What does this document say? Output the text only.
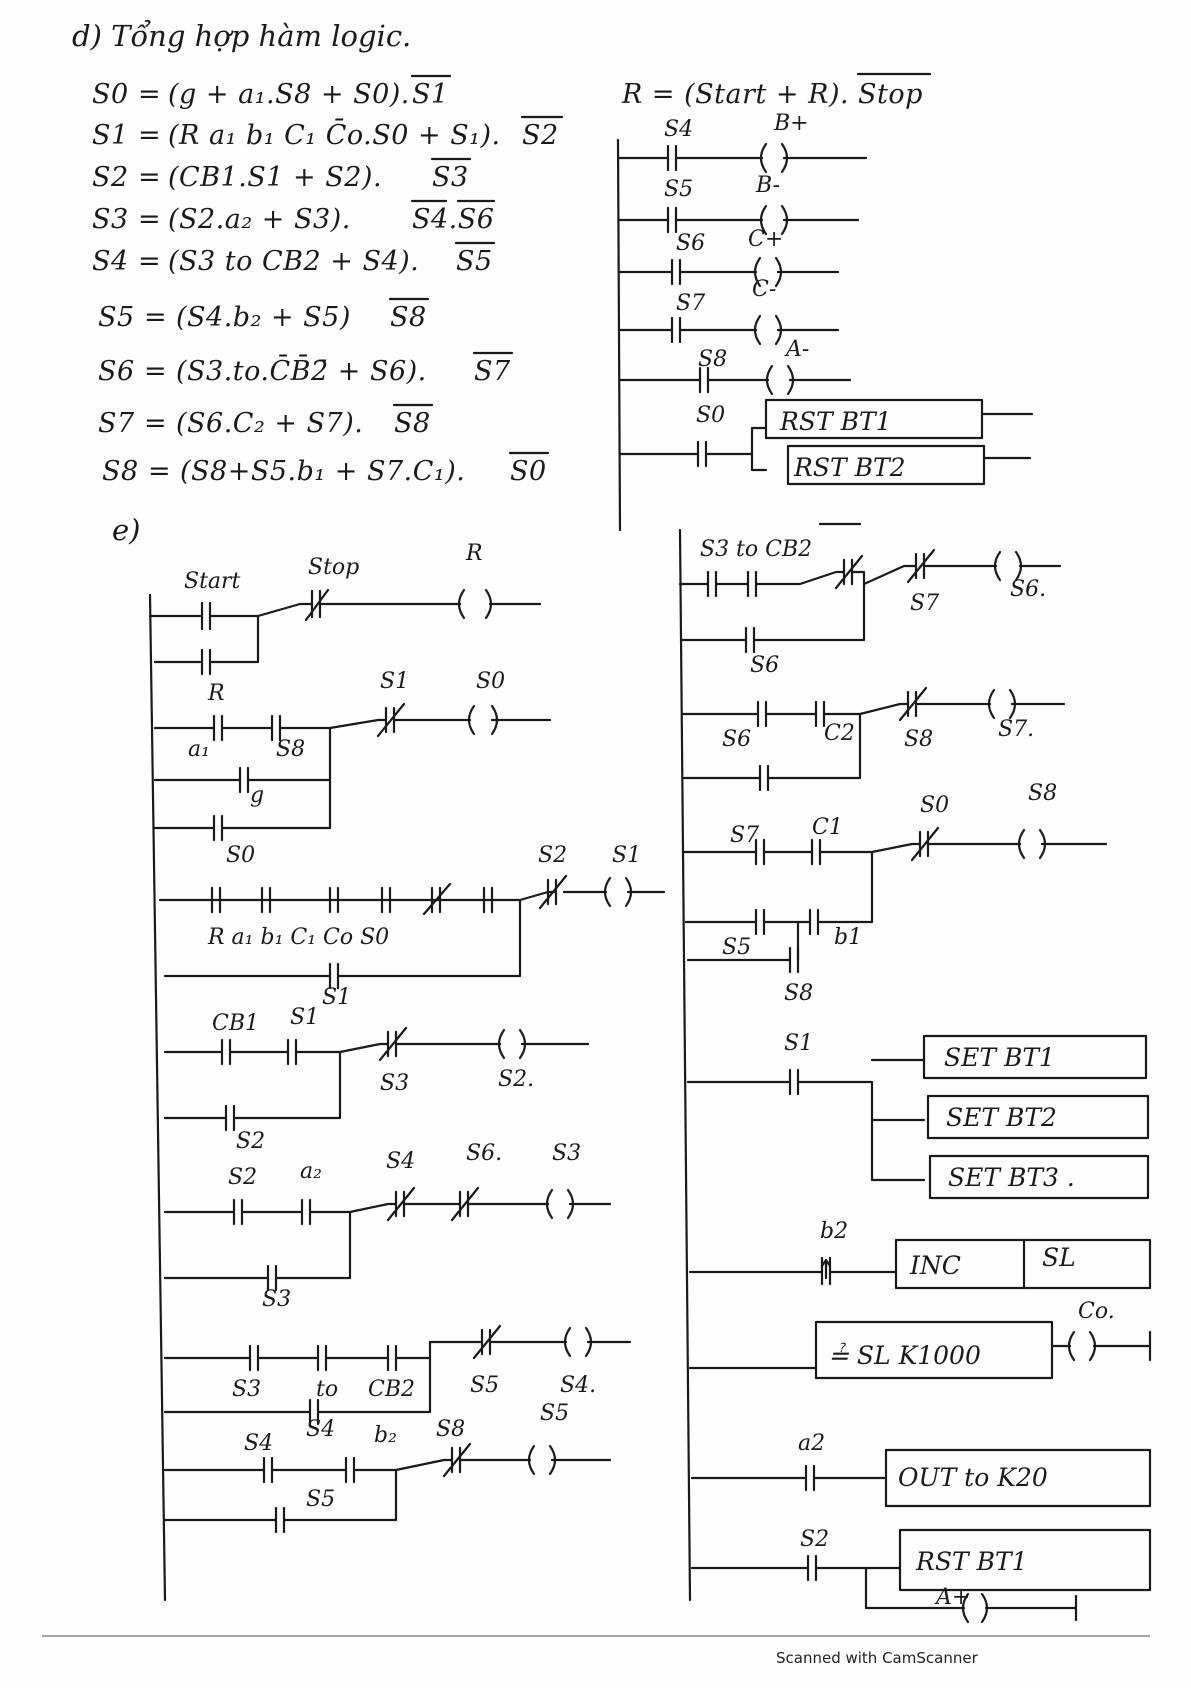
d) Tổng hợp hàm logic.
S0 = (g + a₁.S8 + S0). S1
S1 = (R a₁ b₁ C₁ C̄o.S0 + S₁). S2
S2 = (CB1.S1 + S2). S3
S3 = (S2.a₂ + S3). S4.S6
S4 = (S3 to CB2 + S4). S5
S5 = (S4.b₂ + S5) S8
S6 = (S3.to.C̄B̄2̄ + S6). S7
S7 = (S6.C₂ + S7). S8
S8 = (S8+S5.b₁ + S7.C₁). S0
R = (Start + R). Stop
e)
Start
Stop
R
R
a₁	S8
g
S0
S1	S0
R a₁ b₁ C₁ Co S0
S2 S1
S1
CB1 S1
S3	S2.
S2
S2 a₂	S4 S6. S3
S3
S3 to CB2	S5	S4.
S4
S4 b₂ S8
S5
S5
S4	B+
S5	B-
S6 C+
S7
C-
S8	A-
S0 RST BT1
RST BT2
S3 to CB2
S7
S6.
S6
S6	C2 S8	S7.
S7 C1
S0	S8
S5	b1
S8
S1	SET BT1
SET BT2
SET BT3 .
b2
INC	SL
≟ SL K1000
Co.
a2
OUT to K20
S2
RST BT1
A+
Scanned with CamScanner
